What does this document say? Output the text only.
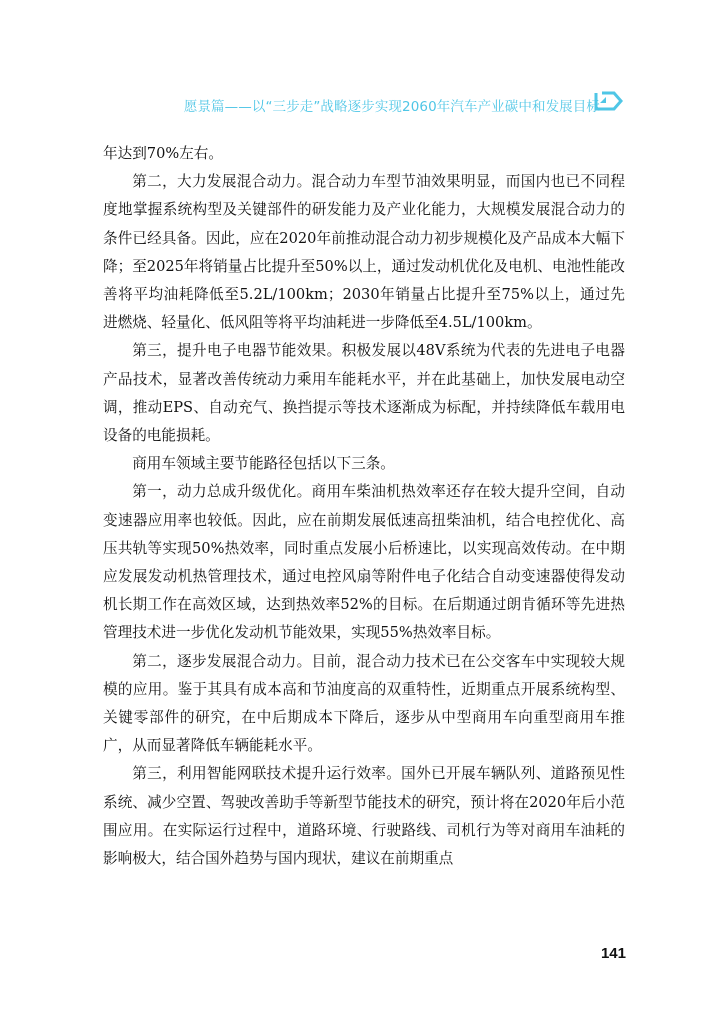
愿景篇——以“三步走”战略逐步实现2060年汽车产业碳中和发展目标

年达到70%左右。

第二，大力发展混合动力。混合动力车型节油效果明显，而国内也已不同程度地掌握系统构型及关键部件的研发能力及产业化能力，大规模发展混合动力的条件已经具备。因此，应在2020年前推动混合动力初步规模化及产品成本大幅下降；至2025年将销量占比提升至50%以上，通过发动机优化及电机、电池性能改善将平均油耗降低至5.2L/100km；2030年销量占比提升至75%以上，通过先进燃烧、轻量化、低风阻等将平均油耗进一步降低至4.5L/100km。

第三，提升电子电器节能效果。积极发展以48V系统为代表的先进电子电器产品技术，显著改善传统动力乘用车能耗水平，并在此基础上，加快发展电动空调，推动EPS、自动充气、换挡提示等技术逐渐成为标配，并持续降低车载用电设备的电能损耗。

商用车领域主要节能路径包括以下三条。

第一，动力总成升级优化。商用车柴油机热效率还存在较大提升空间，自动变速器应用率也较低。因此，应在前期发展低速高扭柴油机，结合电控优化、高压共轨等实现50%热效率，同时重点发展小后桥速比，以实现高效传动。在中期应发展发动机热管理技术，通过电控风扇等附件电子化结合自动变速器使得发动机长期工作在高效区域，达到热效率52%的目标。在后期通过朗肯循环等先进热管理技术进一步优化发动机节能效果，实现55%热效率目标。

第二，逐步发展混合动力。目前，混合动力技术已在公交客车中实现较大规模的应用。鉴于其具有成本高和节油度高的双重特性，近期重点开展系统构型、关键零部件的研究，在中后期成本下降后，逐步从中型商用车向重型商用车推广，从而显著降低车辆能耗水平。

第三，利用智能网联技术提升运行效率。国外已开展车辆队列、道路预见性系统、减少空置、驾驶改善助手等新型节能技术的研究，预计将在2020年后小范围应用。在实际运行过程中，道路环境、行驶路线、司机行为等对商用车油耗的影响极大，结合国外趋势与国内现状，建议在前期重点

141
